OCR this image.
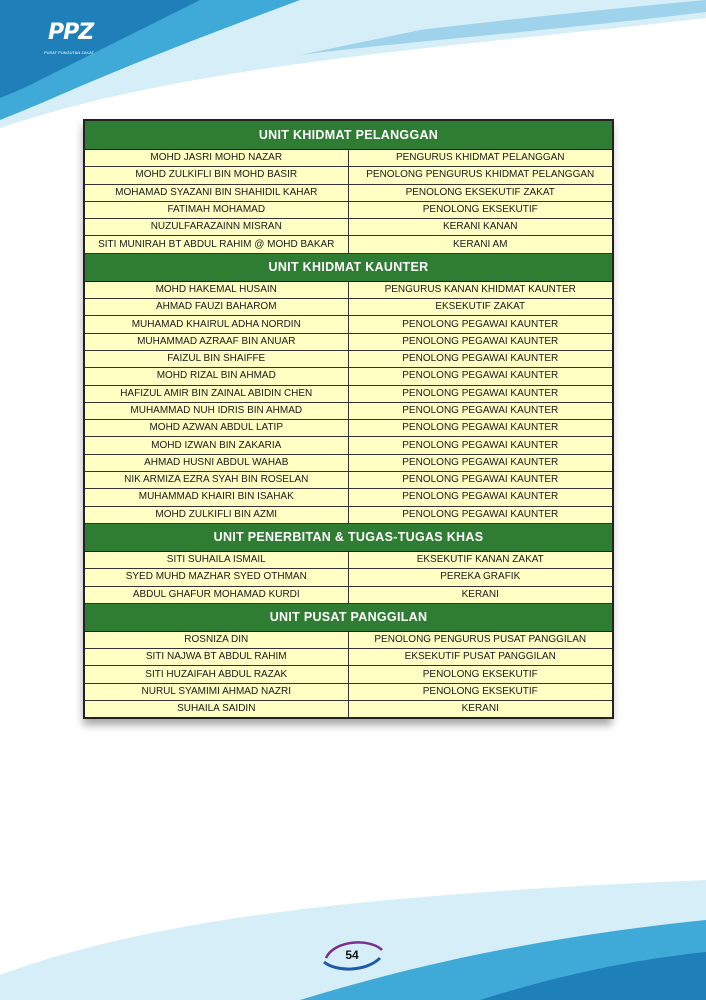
PPZ
PUSAT PUNGUTAN ZAKAT
UNIT KHIDMAT PELANGGAN	
MOHD JASRI MOHD NAZAR	PENGURUS KHIDMAT PELANGGAN
MOHD ZULKIFLI BIN MOHD BASIR	PENOLONG PENGURUS KHIDMAT PELANGGAN
MOHAMAD SYAZANI BIN SHAHIDIL KAHAR	PENOLONG EKSEKUTIF ZAKAT
FATIMAH MOHAMAD	PENOLONG EKSEKUTIF
NUZULFARAZAINN MISRAN	KERANI KANAN
SITI MUNIRAH BT ABDUL RAHIM @ MOHD BAKAR	KERANI AM
UNIT KHIDMAT KAUNTER	
MOHD HAKEMAL HUSAIN	PENGURUS KANAN KHIDMAT KAUNTER
AHMAD FAUZI BAHAROM	EKSEKUTIF ZAKAT
MUHAMAD KHAIRUL ADHA NORDIN	PENOLONG PEGAWAI KAUNTER
MUHAMMAD AZRAAF BIN ANUAR	PENOLONG PEGAWAI KAUNTER
FAIZUL BIN SHAIFFE	PENOLONG PEGAWAI KAUNTER
MOHD RIZAL BIN AHMAD	PENOLONG PEGAWAI KAUNTER
HAFIZUL AMIR BIN ZAINAL ABIDIN CHEN	PENOLONG PEGAWAI KAUNTER
MUHAMMAD NUH IDRIS BIN AHMAD	PENOLONG PEGAWAI KAUNTER
MOHD AZWAN ABDUL LATIP	PENOLONG PEGAWAI KAUNTER
MOHD IZWAN BIN ZAKARIA	PENOLONG PEGAWAI KAUNTER
AHMAD HUSNI ABDUL WAHAB	PENOLONG PEGAWAI KAUNTER
NIK ARMIZA EZRA SYAH BIN ROSELAN	PENOLONG PEGAWAI KAUNTER
MUHAMMAD KHAIRI BIN ISAHAK	PENOLONG PEGAWAI KAUNTER
MOHD ZULKIFLI BIN AZMI	PENOLONG PEGAWAI KAUNTER
UNIT PENERBITAN & TUGAS-TUGAS KHAS	
SITI SUHAILA ISMAIL	EKSEKUTIF KANAN ZAKAT
SYED MUHD MAZHAR SYED OTHMAN	PEREKA GRAFIK
ABDUL GHAFUR MOHAMAD KURDI	KERANI
UNIT PUSAT PANGGILAN	
ROSNIZA DIN	PENOLONG PENGURUS PUSAT PANGGILAN
SITI NAJWA BT ABDUL RAHIM	EKSEKUTIF PUSAT PANGGILAN
SITI HUZAIFAH ABDUL RAZAK	PENOLONG EKSEKUTIF
NURUL SYAMIMI AHMAD NAZRI	PENOLONG EKSEKUTIF
SUHAILA SAIDIN	KERANI
54
